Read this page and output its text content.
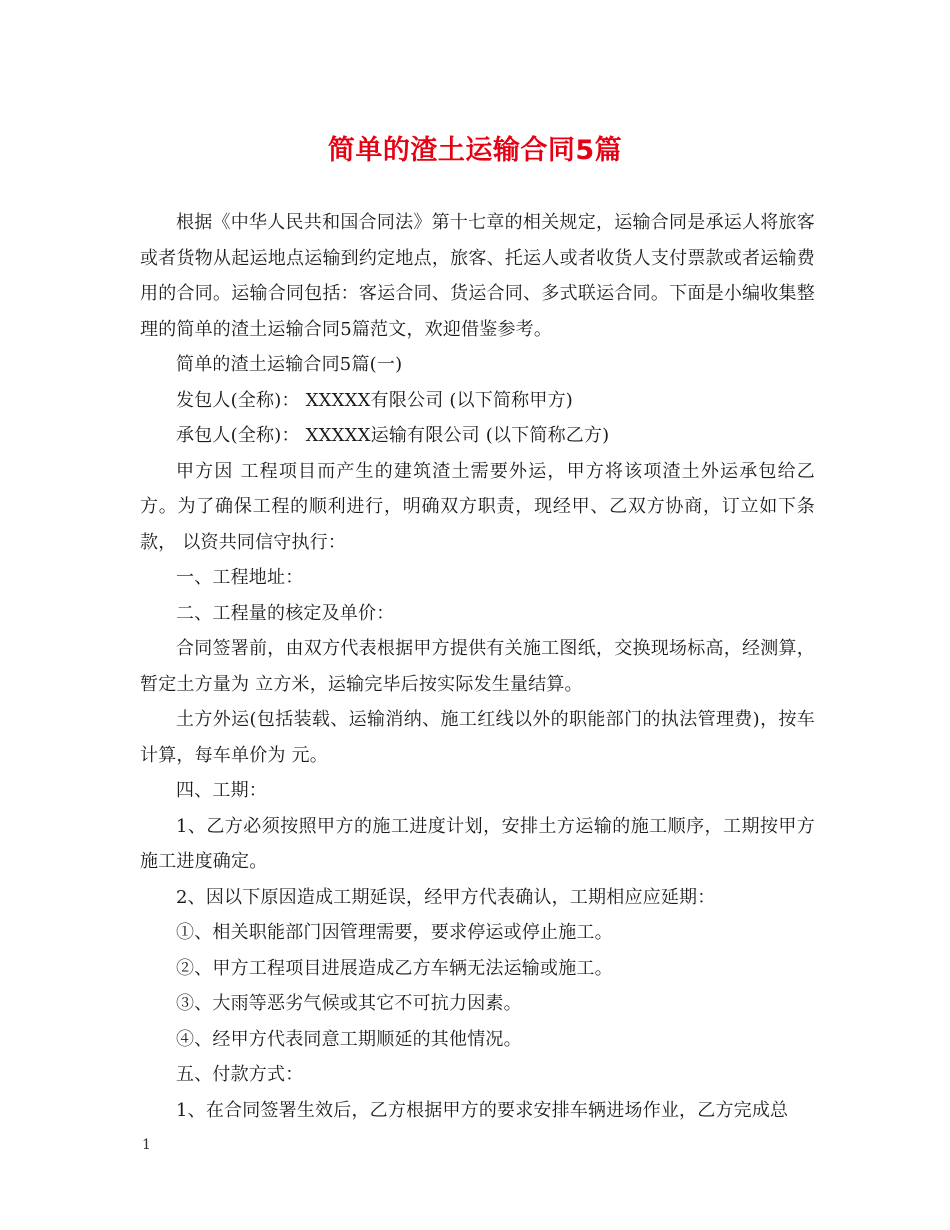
简单的渣土运输合同5篇

根据《中华人民共和国合同法》第十七章的相关规定，运输合同是承运人将旅客或者货物从起运地点运输到约定地点，旅客、托运人或者收货人支付票款或者运输费用的合同。运输合同包括：客运合同、货运合同、多式联运合同。下面是小编收集整理的简单的渣土运输合同5篇范文，欢迎借鉴参考。

简单的渣土运输合同5篇(一)

发包人(全称)： XXXXX有限公司 (以下简称甲方)

承包人(全称)： XXXXX运输有限公司 (以下简称乙方)

甲方因 工程项目而产生的建筑渣土需要外运，甲方将该项渣土外运承包给乙方。为了确保工程的顺利进行，明确双方职责，现经甲、乙双方协商，订立如下条款， 以资共同信守执行：

一、工程地址：

二、工程量的核定及单价：

合同签署前，由双方代表根据甲方提供有关施工图纸，交换现场标高，经测算，暂定土方量为 立方米，运输完毕后按实际发生量结算。

土方外运(包括装载、运输消纳、施工红线以外的职能部门的执法管理费)，按车计算，每车单价为 元。

四、工期：

1、乙方必须按照甲方的施工进度计划，安排土方运输的施工顺序，工期按甲方施工进度确定。

2、因以下原因造成工期延误，经甲方代表确认，工期相应应延期：

①、相关职能部门因管理需要，要求停运或停止施工。

②、甲方工程项目进展造成乙方车辆无法运输或施工。

③、大雨等恶劣气候或其它不可抗力因素。

④、经甲方代表同意工期顺延的其他情况。

五、付款方式：

1、在合同签署生效后，乙方根据甲方的要求安排车辆进场作业，乙方完成总

1
